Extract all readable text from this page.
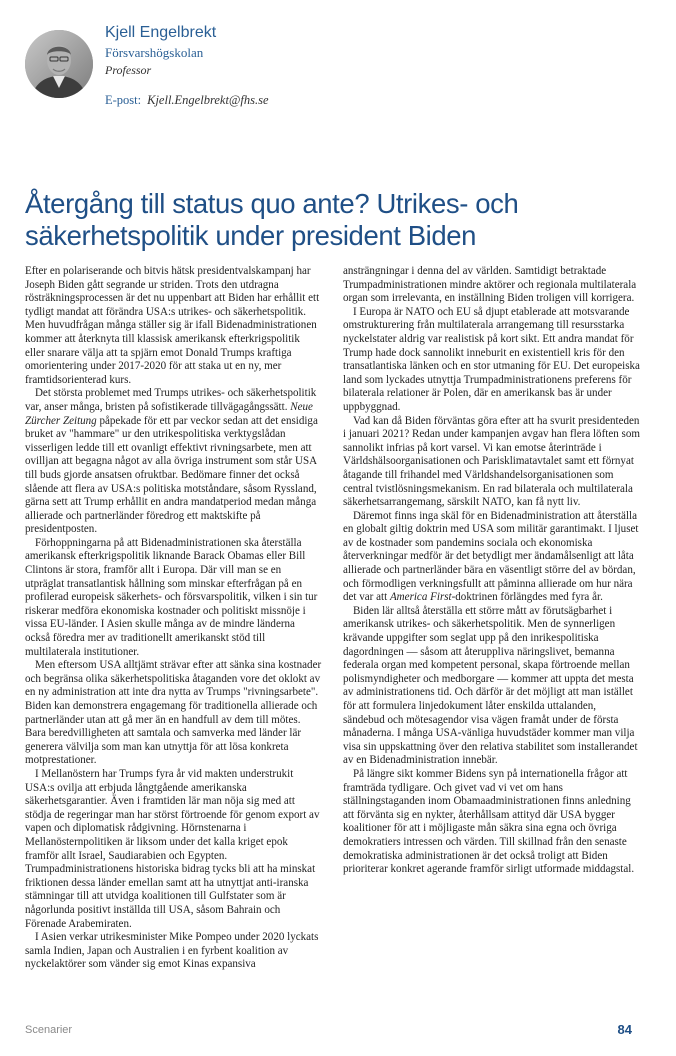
Kjell Engelbrekt
Försvarshögskolan
Professor
E-post: Kjell.Engelbrekt@fhs.se
Återgång till status quo ante? Utrikes- och säkerhetspolitik under president Biden

Efter en polariserande och bitvis hätsk presidentvalskampanj har Joseph Biden gått segrande ur striden. Trots den utdragna rösträkningsprocessen är det nu uppenbart att Biden har erhållit ett tydligt mandat att förändra USA:s utrikes- och säkerhetspolitik. Men huvudfrågan många ställer sig är ifall Bidenadministrationen kommer att återknyta till klassisk amerikansk efterkrigspolitik eller snarare välja att ta spjärn emot Donald Trumps kraftiga omorientering under 2017-2020 för att staka ut en ny, mer framtidsorienterad kurs.

Det största problemet med Trumps utrikes- och säkerhetspolitik var, anser många, bristen på sofistikerade tillvägagångssätt. Neue Zürcher Zeitung påpekade för ett par veckor sedan att det ensidiga bruket av "hammare" ur den utrikespolitiska verktygslådan visserligen ledde till ett ovanligt effektivt rivningsarbete, men att ovilljan att begagna något av alla övriga instrument som står USA till buds gjorde ansatsen ofruktbar. Bedömare finner det också slående att flera av USA:s politiska motståndare, såsom Ryssland, gärna sett att Trump erhållit en andra mandatperiod medan många allierade och partnerländer föredrog ett maktskifte på presidentposten.

Förhoppningarna på att Bidenadministrationen ska återställa amerikansk efterkrigspolitik liknande Barack Obamas eller Bill Clintons är stora, framför allt i Europa. Där vill man se en utpräglat transatlantisk hållning som minskar efterfrågan på en profilerad europeisk säkerhets- och försvarspolitik, vilken i sin tur riskerar medföra ekonomiska kostnader och politiskt missnöje i vissa EU-länder. I Asien skulle många av de mindre länderna också föredra mer av traditionellt amerikanskt stöd till multilaterala institutioner.

Men eftersom USA alltjämt strävar efter att sänka sina kostnader och begränsa olika säkerhetspolitiska åtaganden vore det oklokt av en ny administration att inte dra nytta av Trumps "rivningsarbete". Biden kan demonstrera engagemang för traditionella allierade och partnerländer utan att gå mer än en handfull av dem till mötes. Bara beredvilligheten att samtala och samverka med länder lär generera välvilja som man kan utnyttja för att lösa konkreta motprestationer.

I Mellanöstern har Trumps fyra år vid makten understrukit USA:s ovilja att erbjuda långtgående amerikanska säkerhetsgarantier. Även i framtiden lär man nöja sig med att stödja de regeringar man har störst förtroende för genom export av vapen och diplomatisk rådgivning. Hörnstenarna i Mellanösternpolitiken är liksom under det kalla kriget epok framför allt Israel, Saudiarabien och Egypten. Trumpadministrationens historiska bidrag tycks bli att ha minskat friktionen dessa länder emellan samt att ha utnyttjat anti-iranska stämningar till att utvidga koalitionen till Gulfstater som är någorlunda positivt inställda till USA, såsom Bahrain och Förenade Arabemiraten.

I Asien verkar utrikesminister Mike Pompeo under 2020 lyckats samla Indien, Japan och Australien i en fyrbent koalition av nyckelaktörer som vänder sig emot Kinas expansiva

ansträngningar i denna del av världen. Samtidigt betraktade Trumpadministrationen mindre aktörer och regionala multilaterala organ som irrelevanta, en inställning Biden troligen vill korrigera.

I Europa är NATO och EU så djupt etablerade att motsvarande omstrukturering från multilaterala arrangemang till resursstarka nyckelstater aldrig var realistisk på kort sikt. Ett andra mandat för Trump hade dock sannolikt inneburit en existentiell kris för den transatlantiska länken och en stor utmaning för EU. Det europeiska land som lyckades utnyttja Trumpadministrationens preferens för bilaterala relationer är Polen, där en amerikansk bas är under uppbyggnad.

Vad kan då Biden förväntas göra efter att ha svurit presidenteden i januari 2021? Redan under kampanjen avgav han flera löften som sannolikt infrias på kort varsel. Vi kan emotse återinträde i Världshälsoorganisationen och Parisklimatavtalet samt ett förnyat åtagande till frihandel med Världshandelsorganisationen som central tvistlösningsmekanism. En rad bilaterala och multilaterala säkerhetsarrangemang, särskilt NATO, kan få nytt liv.

Däremot finns inga skäl för en Bidenadministration att återställa en globalt giltig doktrin med USA som militär garantimakt. I ljuset av de kostnader som pandemins sociala och ekonomiska återverkningar medför är det betydligt mer ändamålsenligt att låta allierade och partnerländer bära en väsentligt större del av bördan, och förmodligen verkningsfullt att påminna allierade om hur nära det var att America First-doktrinen förlängdes med fyra år.

Biden lär alltså återställa ett större mått av förutsägbarhet i amerikansk utrikes- och säkerhetspolitik. Men de synnerligen krävande uppgifter som seglat upp på den inrikespolitiska dagordningen — såsom att återuppliva näringslivet, bemanna federala organ med kompetent personal, skapa förtroende mellan polismyndigheter och medborgare — kommer att uppta det mesta av administrationens tid. Och därför är det möjligt att man istället för att formulera linjedokument låter enskilda uttalanden, sändebud och mötesagendor visa vägen framåt under de första månaderna. I många USA-vänliga huvudstäder kommer man vilja visa sin uppskattning över den relativa stabilitet som installerandet av en Bidenadministration innebär.

På längre sikt kommer Bidens syn på internationella frågor att framträda tydligare. Och givet vad vi vet om hans ställningstaganden inom Obamaadministrationen finns anledning att förvänta sig en nykter, återhållsam attityd där USA bygger koalitioner för att i möjligaste mån säkra sina egna och övriga demokratiers intressen och värden. Till skillnad från den senaste demokratiska administrationen är det också troligt att Biden prioriterar konkret agerande framför sirligt utformade middagstal.

Scenarier	84
